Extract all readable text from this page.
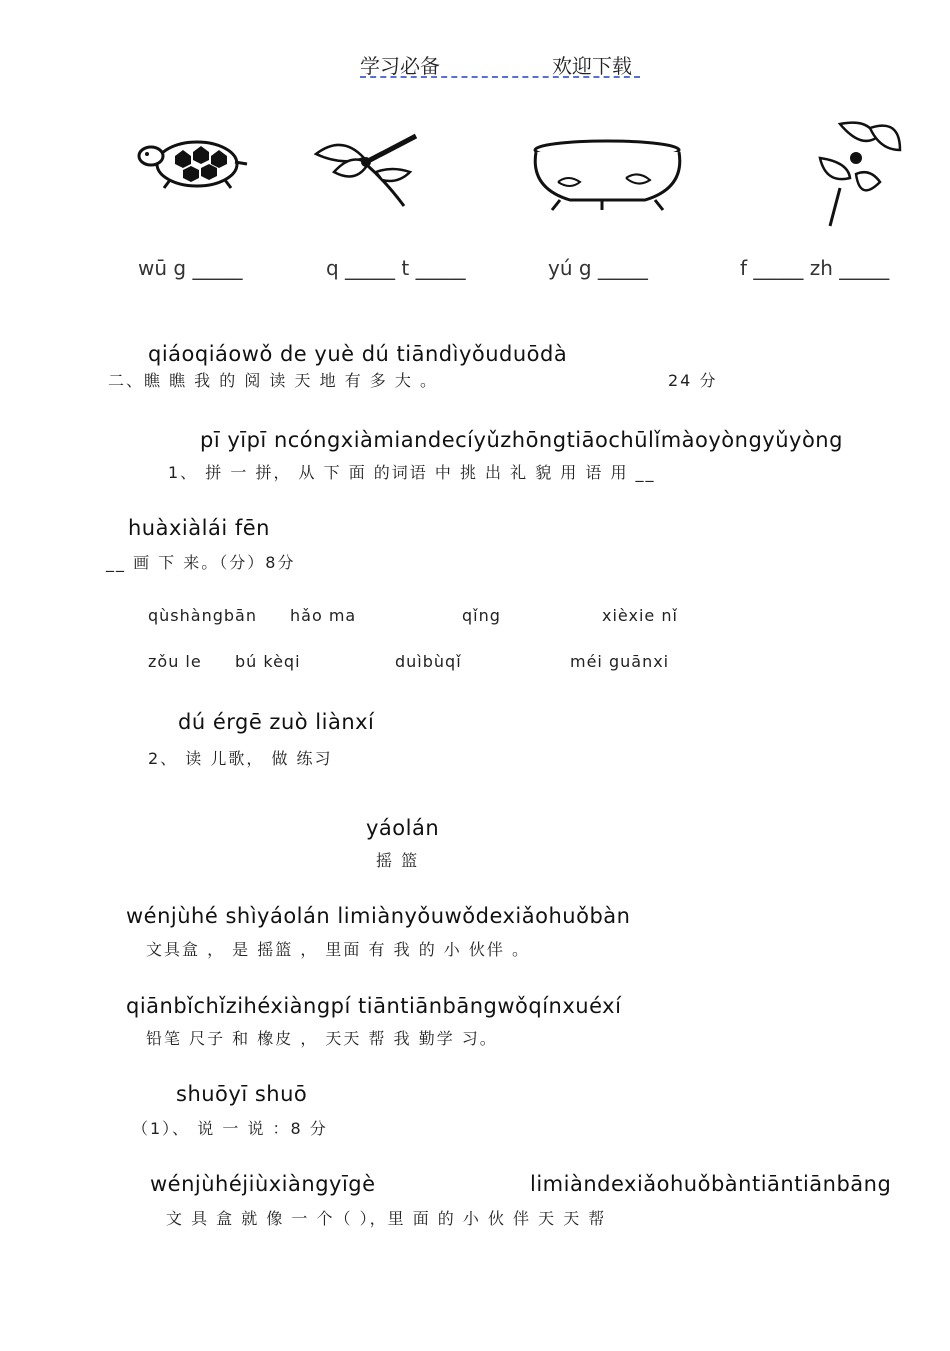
学习必备	欢迎下载
wū g _____	q _____ t _____	yú g _____	f _____ zh _____
qiáoqiáowǒ de yuè dú tiāndìyǒuduōdà
二、瞧 瞧 我 的 阅 读 天 地 有 多 大 。	24 分
pī yīpī ncóngxiàmiandecíyǔzhōngtiāochūlǐmàoyòngyǔyòng
1、 拼 一 拼， 从 下 面 的词语 中 挑 出 礼 貌 用 语 用 __
huàxiàlái fēn
__ 画 下 来。（分）8分
qùshàngbān hǎo ma	qǐng	xièxie nǐ
zǒu le bú kèqi	duìbùqǐ	méi guānxi
dú érgē zuò liànxí
2、 读 儿歌， 做 练习
yáolán
摇 篮
wénjùhé shìyáolán limiànyǒuwǒdexiǎohuǒbàn
文具盒 ， 是 摇篮 ， 里面 有 我 的 小 伙伴 。
qiānbǐchǐzihéxiàngpí tiāntiānbāngwǒqínxuéxí
铅笔 尺子 和 橡皮 ， 天天 帮 我 勤学 习。
shuōyī shuō
（1）、 说 一 说 ：8 分
wénjùhéjiùxiàngyīgè	limiàndexiǎohuǒbàntiāntiānbāng
文 具 盒 就 像 一 个（ ），里 面 的 小 伙 伴 天 天 帮
